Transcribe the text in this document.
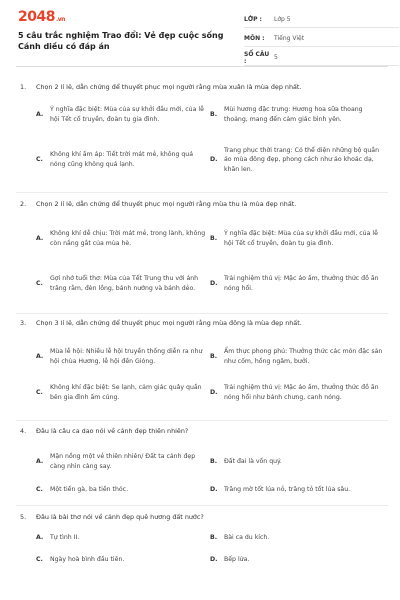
2048.vn
5 câu trắc nghiệm Trao đổi: Vẻ đẹp cuộc sống Cánh diều có đáp án
LỚP :	Lớp 5
MÔN :	Tiếng Việt
SỐ CÂU :	5
1.	Chọn 2 lí lẽ, dẫn chứng để thuyết phục mọi người rằng mùa xuân là mùa đẹp nhất.
A.
Ý nghĩa đặc biệt: Mùa của sự khởi đầu mới, của lễ hội Tết cổ truyền, đoàn tụ gia đình.
B.
Mùi hương đặc trưng: Hương hoa sữa thoang thoảng, mang đến cảm giác bình yên.
C.
Không khí ấm áp: Tiết trời mát mẻ, không quá nóng cũng không quá lạnh.
D.
Trang phục thời trang: Có thể diện những bộ quần áo mùa đông đẹp, phong cách như áo khoác dạ, khăn len.
2.	Chọn 2 lí lẽ, dẫn chứng để thuyết phục mọi người rằng mùa thu là mùa đẹp nhất.
A.
Không khí dễ chịu: Trời mát mẻ, trong lành, không còn nắng gắt của mùa hè.
B.
Ý nghĩa đặc biệt: Mùa của sự khởi đầu mới, của lễ hội Tết cổ truyền, đoàn tụ gia đình.
C.
Gợi nhớ tuổi thơ: Mùa của Tết Trung thu với ánh trăng rằm, đèn lồng, bánh nướng và bánh dẻo.
D.
Trải nghiệm thú vị: Mặc áo ấm, thưởng thức đồ ăn nóng hổi.
3.	Chọn 3 lí lẽ, dẫn chứng để thuyết phục mọi người rằng mùa đông là mùa đẹp nhất.
A.
Mùa lễ hội: Nhiều lễ hội truyền thống diễn ra như hội chùa Hương, lễ hội đền Gióng.
B.
Ẩm thực phong phú: Thưởng thức các món đặc sản như cốm, hồng ngâm, bưởi.
C.
Không khí đặc biệt: Se lạnh, cảm giác quây quần bên gia đình ấm cúng.
D.
Trải nghiệm thú vị: Mặc áo ấm, thưởng thức đồ ăn nóng hổi như bánh chưng, canh nóng.
4.	Đâu là câu ca dao nói về cảnh đẹp thiên nhiên?
A.
Mặn nồng một vẻ thiên nhiên/ Đất ta cảnh đẹp càng nhìn càng say.
B.	Đất đai là vốn quý.
C.	Một tiền gà, ba tiền thóc.	D.	Trăng mờ tốt lúa nỏ, trăng tỏ tốt lúa sâu.
5.	Đâu là bài thơ nói về cảnh đẹp quê hương đất nước?
A.	Tự tình II.	B.	Bài ca du kích.
C.	Ngày hoà bình đầu tiên.	D.	Bếp lửa.
